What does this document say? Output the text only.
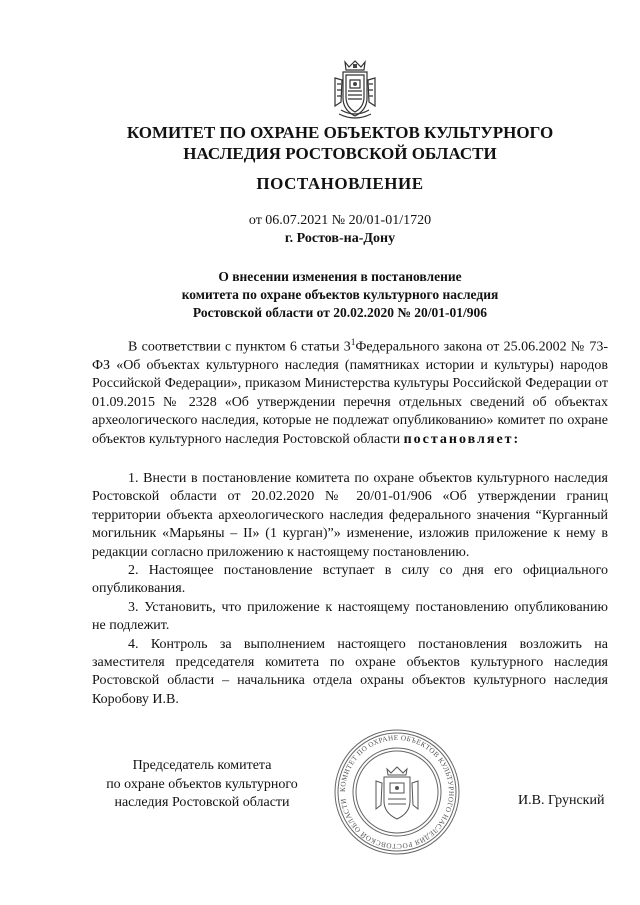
КОМИТЕТ ПО ОХРАНЕ ОБЪЕКТОВ КУЛЬТУРНОГО
НАСЛЕДИЯ РОСТОВСКОЙ ОБЛАСТИ
ПОСТАНОВЛЕНИЕ
от 06.07.2021 № 20/01-01/1720
г. Ростов-на-Дону
О внесении изменения в постановление
комитета по охране объектов культурного наследия
Ростовской области от 20.02.2020 № 20/01-01/906
В соответствии с пунктом 6 статьи $3^1Федерального$ закона от 25.06.2002 № 73-ФЗ «Об объектах культурного наследия (памятниках истории и культуры) народов Российской Федерации», приказом Министерства культуры Российской Федерации от 01.09.2015 № 2328 «Об утверждении перечня отдельных сведений об объектах археологического наследия, которые не подлежат опубликованию» комитет по охране объектов культурного наследия Ростовской области постановляет:

1. Внести в постановление комитета по охране объектов культурного наследия Ростовской области от 20.02.2020 № 20/01-01/906 «Об утверждении границ территории объекта археологического наследия федерального значения “Курганный могильник «Марьяны – II» (1 курган)”» изменение, изложив приложение к нему в редакции согласно приложению к настоящему постановлению.

2. Настоящее постановление вступает в силу со дня его официального опубликования.

3. Установить, что приложение к настоящему постановлению опубликованию не подлежит.

4. Контроль за выполнением настоящего постановления возложить на заместителя председателя комитета по охране объектов культурного наследия Ростовской области – начальника отдела охраны объектов культурного наследия Коробову И.В.

Председатель комитета
по охране объектов культурного
наследия Ростовской области
КОМИТЕТ ПО ОХРАНЕ ОБЪЕКТОВ КУЛЬТУРНОГО НАСЛЕДИЯ РОСТОВСКОЙ ОБЛАСТИ	И.В. Грунский
